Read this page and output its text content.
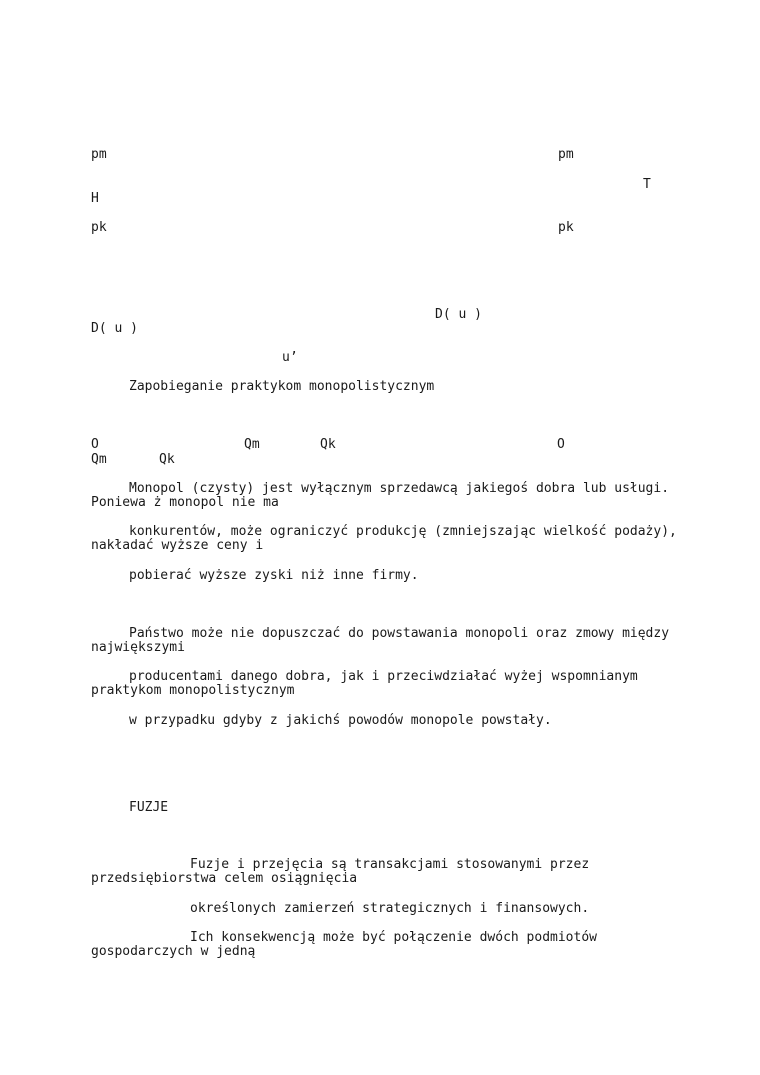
pm
H
pk
D( u )
u’
O	Qm	Qk
pm
T
pk
D( u )
O
Qm	Qk
Zapobieganie praktykom monopolistycznym
Monopol (czysty) jest wyłącznym sprzedawcą jakiegoś dobra lub usługi.
Poniewa ż monopol nie ma
konkurentów, może ograniczyć produkcję (zmniejszając wielkość podaży),
nakładać wyższe ceny i
pobierać wyższe zyski niż inne firmy.
Państwo może nie dopuszczać do powstawania monopoli oraz zmowy między
największymi
producentami danego dobra, jak i przeciwdziałać wyżej wspomnianym
praktykom monopolistycznym
w przypadku gdyby z jakichś powodów monopole powstały.
FUZJE
Fuzje i przejęcia są transakcjami stosowanymi przez
przedsiębiorstwa celem osiągnięcia
określonych zamierzeń strategicznych i finansowych.
Ich konsekwencją może być połączenie dwóch podmiotów
gospodarczych w jedną
